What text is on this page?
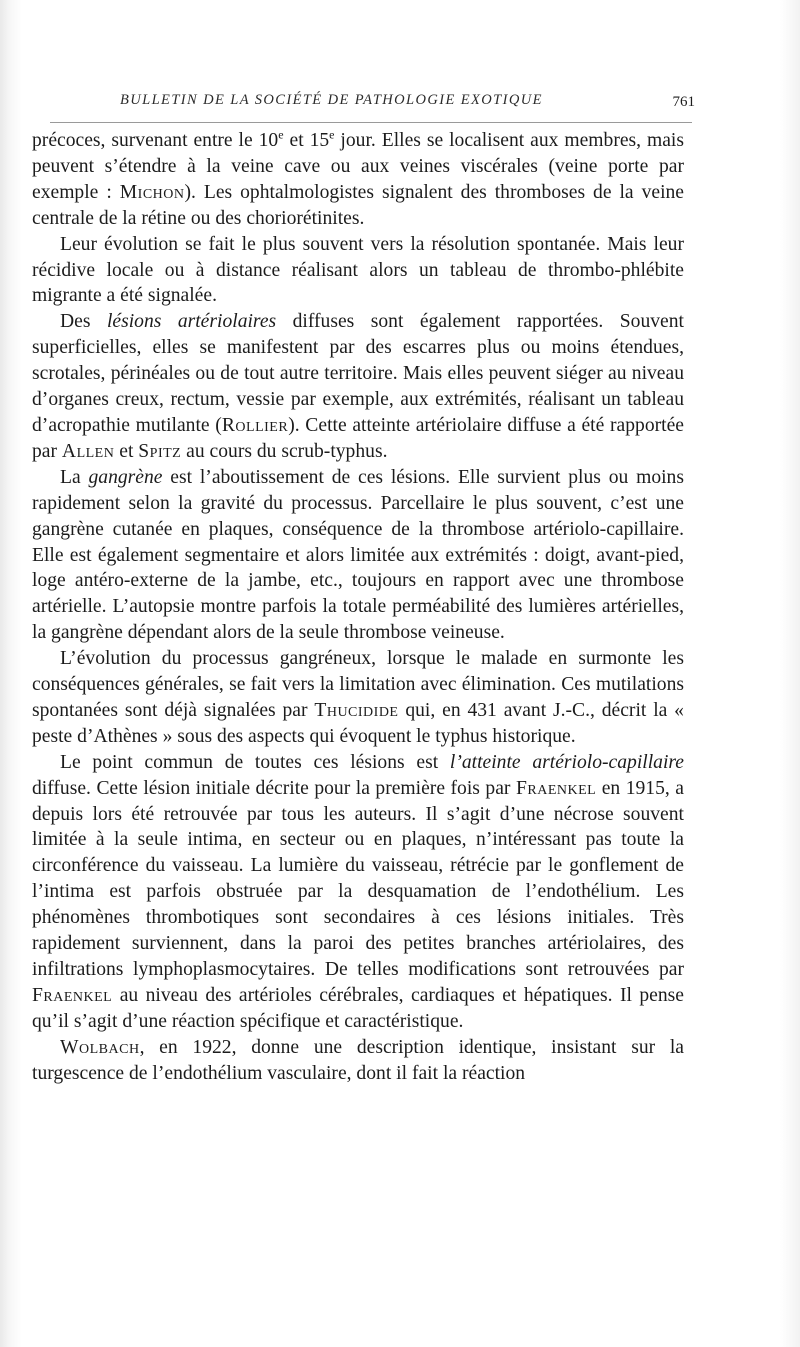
BULLETIN DE LA SOCIÉTÉ DE PATHOLOGIE EXOTIQUE	761

précoces, survenant entre le 10e et 15e jour. Elles se localisent aux membres, mais peuvent s’étendre à la veine cave ou aux veines viscérales (veine porte par exemple : Michon). Les ophtalmologistes signalent des thromboses de la veine centrale de la rétine ou des choriorétinites.

Leur évolution se fait le plus souvent vers la résolution spontanée. Mais leur récidive locale ou à distance réalisant alors un tableau de thrombo-phlébite migrante a été signalée.

Des lésions artériolaires diffuses sont également rapportées. Souvent superficielles, elles se manifestent par des escarres plus ou moins étendues, scrotales, périnéales ou de tout autre territoire. Mais elles peuvent siéger au niveau d’organes creux, rectum, vessie par exemple, aux extrémités, réalisant un tableau d’acropathie mutilante (Rollier). Cette atteinte artériolaire diffuse a été rapportée par Allen et Spitz au cours du scrub-typhus.

La gangrène est l’aboutissement de ces lésions. Elle survient plus ou moins rapidement selon la gravité du processus. Parcellaire le plus souvent, c’est une gangrène cutanée en plaques, conséquence de la thrombose artériolo-capillaire. Elle est également segmentaire et alors limitée aux extrémités : doigt, avant-pied, loge antéro-externe de la jambe, etc., toujours en rapport avec une thrombose artérielle. L’autopsie montre parfois la totale perméabilité des lumières artérielles, la gangrène dépendant alors de la seule thrombose veineuse.

L’évolution du processus gangréneux, lorsque le malade en surmonte les conséquences générales, se fait vers la limitation avec élimination. Ces mutilations spontanées sont déjà signalées par Thucidide qui, en 431 avant J.-C., décrit la « peste d’Athènes » sous des aspects qui évoquent le typhus historique.

Le point commun de toutes ces lésions est l’atteinte artériolo-capillaire diffuse. Cette lésion initiale décrite pour la première fois par Fraenkel en 1915, a depuis lors été retrouvée par tous les auteurs. Il s’agit d’une nécrose souvent limitée à la seule intima, en secteur ou en plaques, n’intéressant pas toute la circonférence du vaisseau. La lumière du vaisseau, rétrécie par le gonflement de l’intima est parfois obstruée par la desquamation de l’endothélium. Les phénomènes thrombotiques sont secondaires à ces lésions initiales. Très rapidement surviennent, dans la paroi des petites branches artériolaires, des infiltrations lymphoplasmocytaires. De telles modifications sont retrouvées par Fraenkel au niveau des artérioles cérébrales, cardiaques et hépatiques. Il pense qu’il s’agit d’une réaction spécifique et caractéristique.

Wolbach, en 1922, donne une description identique, insistant sur la turgescence de l’endothélium vasculaire, dont il fait la réaction
